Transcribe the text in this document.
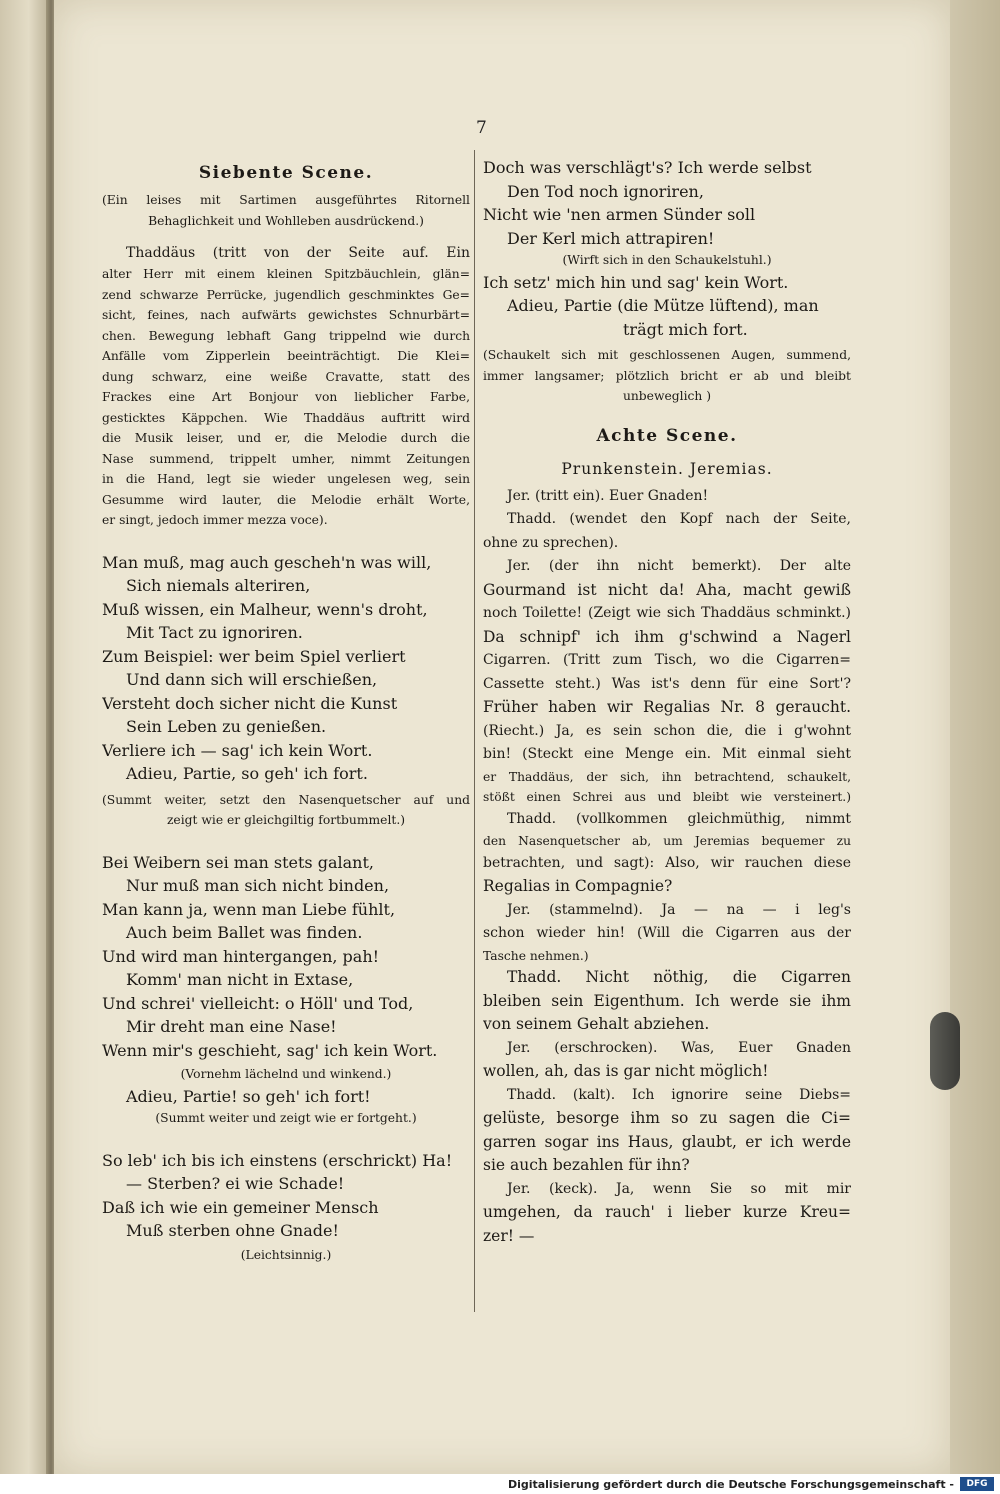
7
Siebente Scene.
(Ein leises mit Sartimen ausgeführtes Ritornell
Behaglichkeit und Wohlleben ausdrückend.)
Thaddäus (tritt von der Seite auf. Ein
alter Herr mit einem kleinen Spitzbäuchlein, glän=
zend schwarze Perrücke, jugendlich geschminktes Ge=
sicht, feines, nach aufwärts gewichstes Schnurbärt=
chen. Bewegung lebhaft Gang trippelnd wie durch
Anfälle vom Zipperlein beeinträchtigt. Die Klei=
dung schwarz, eine weiße Cravatte, statt des
Frackes eine Art Bonjour von lieblicher Farbe,
gesticktes Käppchen. Wie Thaddäus auftritt wird
die Musik leiser, und er, die Melodie durch die
Nase summend, trippelt umher, nimmt Zeitungen
in die Hand, legt sie wieder ungelesen weg, sein
Gesumme wird lauter, die Melodie erhält Worte,
er singt, jedoch immer mezza voce).
Man muß, mag auch gescheh'n was will,
Sich niemals alteriren,
Muß wissen, ein Malheur, wenn's droht,
Mit Tact zu ignoriren.
Zum Beispiel: wer beim Spiel verliert
Und dann sich will erschießen,
Versteht doch sicher nicht die Kunst
Sein Leben zu genießen.
Verliere ich — sag' ich kein Wort.
Adieu, Partie, so geh' ich fort.
(Summt weiter, setzt den Nasenquetscher auf und
zeigt wie er gleichgiltig fortbummelt.)
Bei Weibern sei man stets galant,
Nur muß man sich nicht binden,
Man kann ja, wenn man Liebe fühlt,
Auch beim Ballet was finden.
Und wird man hintergangen, pah!
Komm' man nicht in Extase,
Und schrei' vielleicht: o Höll' und Tod,
Mir dreht man eine Nase!
Wenn mir's geschieht, sag' ich kein Wort.
(Vornehm lächelnd und winkend.)
Adieu, Partie! so geh' ich fort!
(Summt weiter und zeigt wie er fortgeht.)
So leb' ich bis ich einstens (erschrickt) Ha!
— Sterben? ei wie Schade!
Daß ich wie ein gemeiner Mensch
Muß sterben ohne Gnade!
(Leichtsinnig.)
Doch was verschlägt's? Ich werde selbst
Den Tod noch ignoriren,
Nicht wie 'nen armen Sünder soll
Der Kerl mich attrapiren!
(Wirft sich in den Schaukelstuhl.)
Ich setz' mich hin und sag' kein Wort.
Adieu, Partie (die Mütze lüftend), man
trägt mich fort.
(Schaukelt sich mit geschlossenen Augen, summend,
immer langsamer; plötzlich bricht er ab und bleibt
unbeweglich )
Achte Scene.
Prunkenstein. Jeremias.
Jer. (tritt ein). Euer Gnaden!
Thadd. (wendet den Kopf nach der Seite,
ohne zu sprechen).
Jer. (der ihn nicht bemerkt). Der alte
Gourmand ist nicht da! Aha, macht gewiß
noch Toilette! (Zeigt wie sich Thaddäus schminkt.)
Da schnipf' ich ihm g'schwind a Nagerl
Cigarren. (Tritt zum Tisch, wo die Cigarren=
Cassette steht.) Was ist's denn für eine Sort'?
Früher haben wir Regalias Nr. 8 geraucht.
(Riecht.) Ja, es sein schon die, die i g'wohnt
bin! (Steckt eine Menge ein. Mit einmal sieht
er Thaddäus, der sich, ihn betrachtend, schaukelt,
stößt einen Schrei aus und bleibt wie versteinert.)
Thadd. (vollkommen gleichmüthig, nimmt
den Nasenquetscher ab, um Jeremias bequemer zu
betrachten, und sagt): Also, wir rauchen diese
Regalias in Compagnie?
Jer. (stammelnd). Ja — na — i leg's
schon wieder hin! (Will die Cigarren aus der
Tasche nehmen.)
Thadd. Nicht nöthig, die Cigarren
bleiben sein Eigenthum. Ich werde sie ihm
von seinem Gehalt abziehen.
Jer. (erschrocken). Was, Euer Gnaden
wollen, ah, das is gar nicht möglich!
Thadd. (kalt). Ich ignorire seine Diebs=
gelüste, besorge ihm so zu sagen die Ci=
garren sogar ins Haus, glaubt, er ich werde
sie auch bezahlen für ihn?
Jer. (keck). Ja, wenn Sie so mit mir
umgehen, da rauch' i lieber kurze Kreu=
zer! —
Digitalisierung gefördert durch die Deutsche Forschungsgemeinschaft -	DFG
